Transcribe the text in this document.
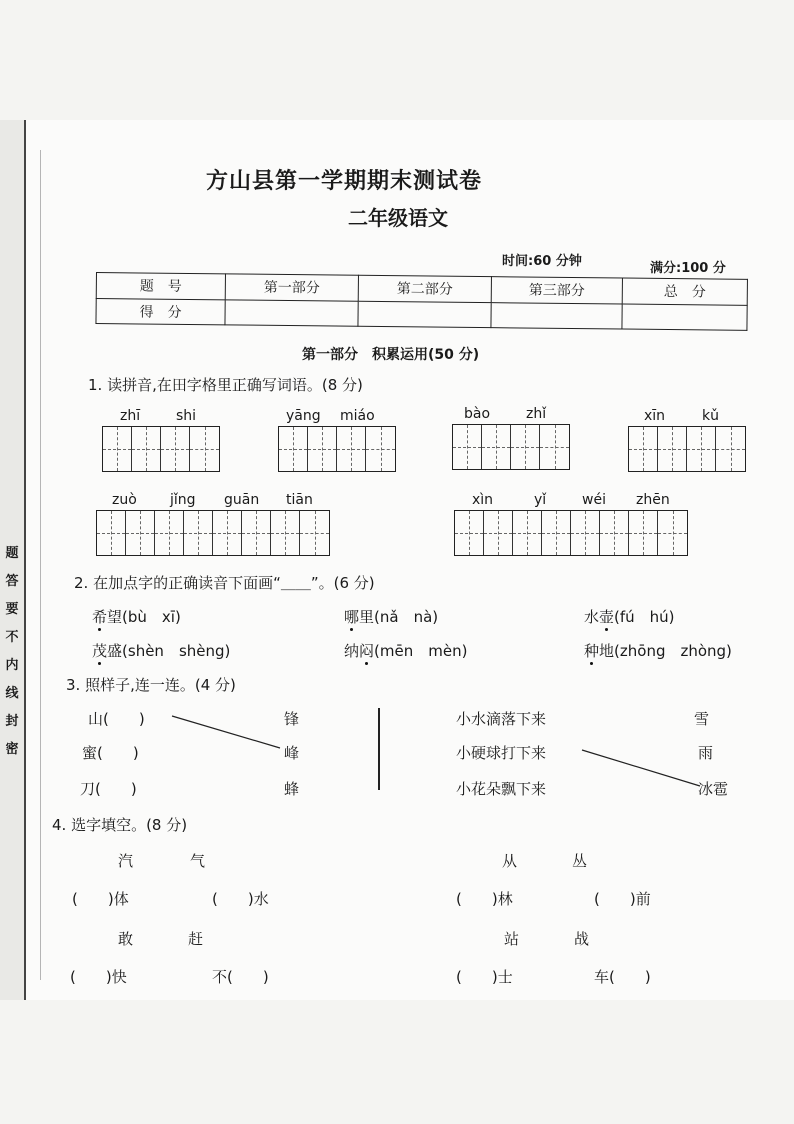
题
答
要
不
内
线
封
密
方山县第一学期期末测试卷
二年级语文
时间:60 分钟	满分:100 分
题　号	第一部分	第二部分	第三部分	总　分
得　分				
第一部分　积累运用(50 分)
1. 读拼音,在田字格里正确写词语。(8 分)
zhī	shi	yāng miáo	bào	zhǐ	xīn	kǔ
zuò jǐng guān tiān	xìn	yǐ	wéi zhēn
2. 在加点字的正确读音下面画“＿＿”。(6 分)
希望(bù　xī)	哪里(nǎ　nà)	水壶(fú　hú)
茂盛(shèn　shèng)	纳闷(mēn　mèn)	种地(zhōng　zhòng)
3. 照样子,连一连。(4 分)
山(　　)
蜜(　　)
刀(　　)
锋
峰
蜂
小水滴落下来
小硬球打下来
小花朵飘下来
雪
雨
冰雹
4. 选字填空。(8 分)
汽	气	从	丛
(　　)体	(　　)水	(　　)林	(　　)前
敢	赶	站	战
(　　)快	不(　　)	(　　)士	车(　　)
